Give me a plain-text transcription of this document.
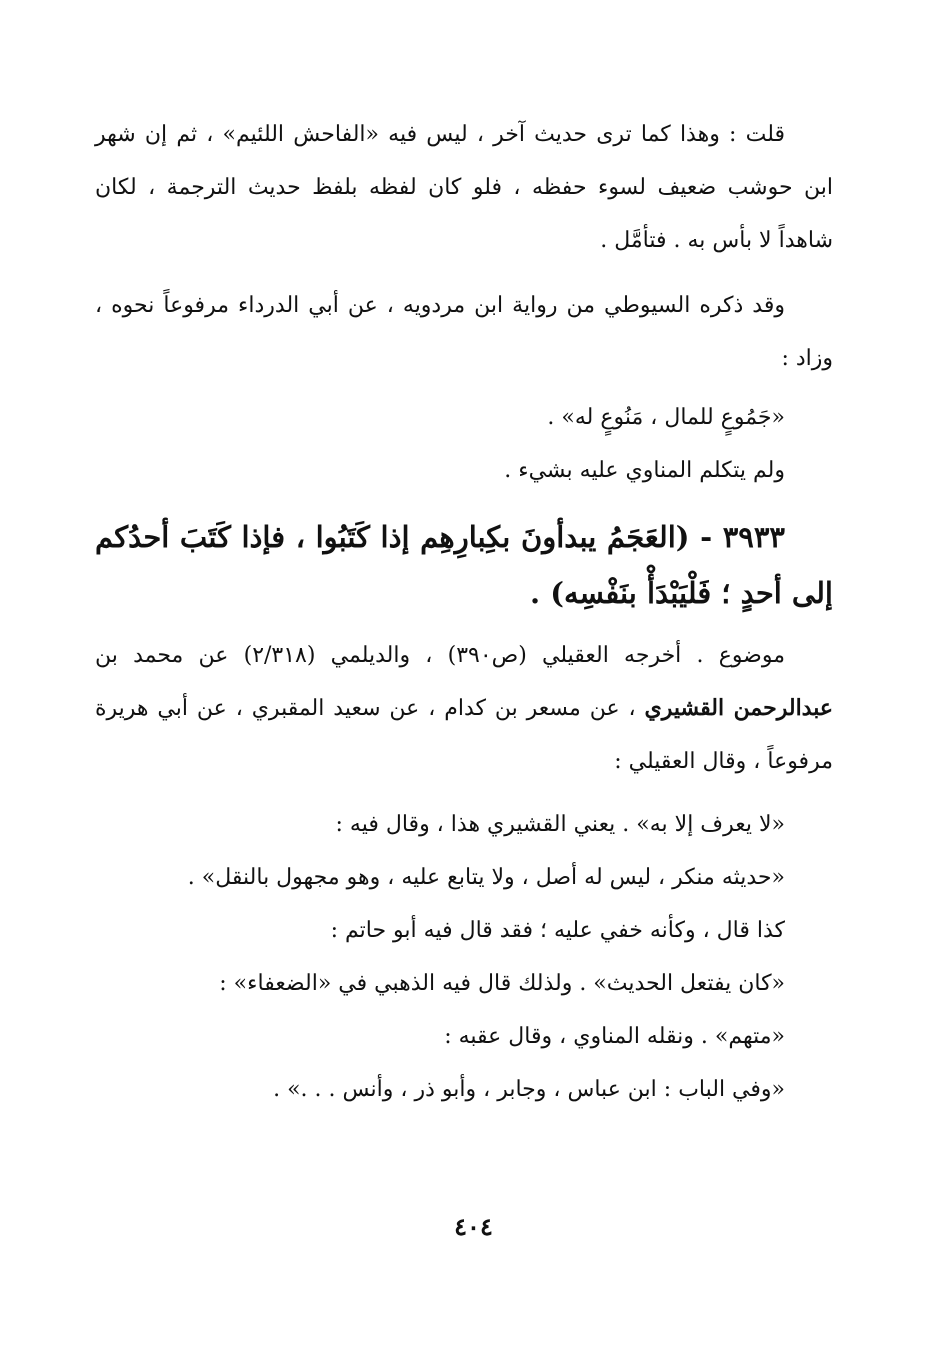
قلت : وهذا كما ترى حديث آخر ، ليس فيه «الفاحش اللئيم» ، ثم إن شهر ابن حوشب ضعيف لسوء حفظه ، فلو كان لفظه بلفظ حديث الترجمة ، لكان شاهداً لا بأس به . فتأمَّل .

وقد ذكره السيوطي من رواية ابن مردويه ، عن أبي الدرداء مرفوعاً نحوه ، وزاد :

«جَمُوعٍ للمال ، مَنُوعٍ له» .

ولم يتكلم المناوي عليه بشيء .

٣٩٣٣ - (العَجَمُ يبدأونَ بكِبارِهِم إذا كَتَبُوا ، فإذا كَتَبَ أحدُكم إلى أحدٍ ؛ فَلْيَبْدَأْ بنَفْسِه) .

موضوع . أخرجه العقيلي (ص٣٩٠) ، والديلمي (٢/٣١٨) عن محمد بن عبدالرحمن القشيري ، عن مسعر بن كدام ، عن سعيد المقبري ، عن أبي هريرة مرفوعاً ، وقال العقيلي :

«لا يعرف إلا به» . يعني القشيري هذا ، وقال فيه :

«حديثه منكر ، ليس له أصل ، ولا يتابع عليه ، وهو مجهول بالنقل» .

كذا قال ، وكأنه خفي عليه ؛ فقد قال فيه أبو حاتم :

«كان يفتعل الحديث» . ولذلك قال فيه الذهبي في «الضعفاء» :

«متهم» . ونقله المناوي ، وقال عقبه :

«وفي الباب : ابن عباس ، وجابر ، وأبو ذر ، وأنس . . .» .

٤٠٤
